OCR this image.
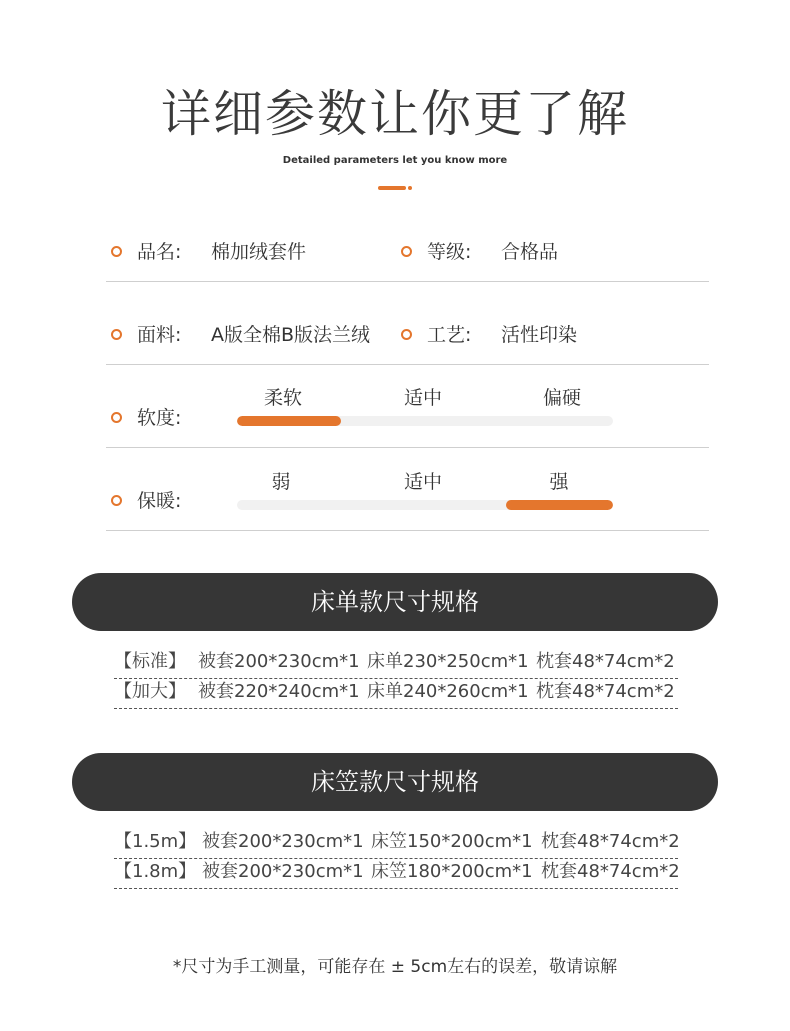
详细参数让你更了解
Detailed parameters let you know more
品名: 棉加绒套件	等级: 合格品
面料: A版全棉B版法兰绒	工艺: 活性印染
软度:
柔软	适中	偏硬
保暖:
弱	适中	强
床单款尺寸规格
【标准】 被套200*230cm*1 床单230*250cm*1 枕套48*74cm*2
【加大】 被套220*240cm*1 床单240*260cm*1 枕套48*74cm*2
床笠款尺寸规格
【1.5m】 被套200*230cm*1 床笠150*200cm*1 枕套48*74cm*2
【1.8m】 被套200*230cm*1 床笠180*200cm*1 枕套48*74cm*2
*尺寸为手工测量，可能存在 ± 5cm左右的误差，敬请谅解
